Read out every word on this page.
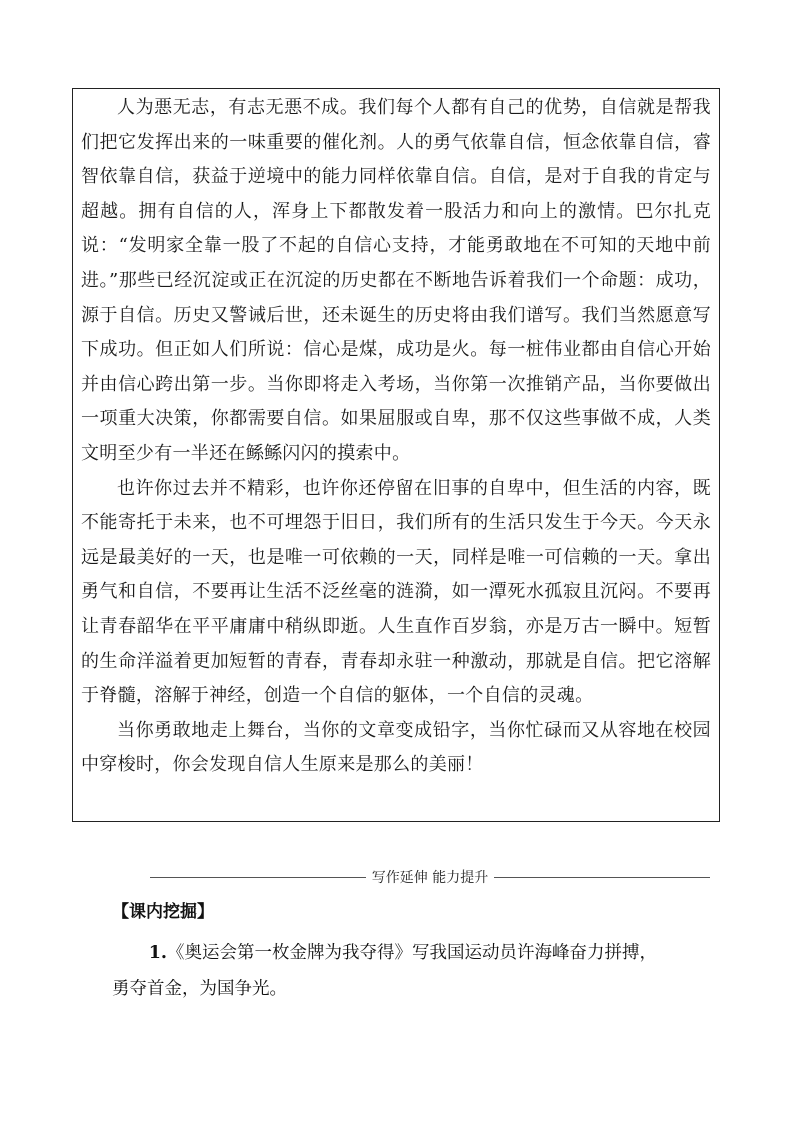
人为悪无志，有志无悪不成。我们每个人都有自己的优势，自信就是帮我们把它发挥出来的一味重要的催化剂。人的勇气依靠自信，恒念依靠自信，睿智依靠自信，获益于逆境中的能力同样依靠自信。自信，是对于自我的肯定与超越。拥有自信的人，浑身上下都散发着一股活力和向上的激情。巴尔扎克说：“发明家全靠一股了不起的自信心支持，才能勇敢地在不可知的天地中前进。”那些已经沉淀或正在沉淀的历史都在不断地告诉着我们一个命题：成功，源于自信。历史又警诫后世，还未诞生的历史将由我们谱写。我们当然愿意写下成功。但正如人们所说：信心是煤，成功是火。每一桩伟业都由自信心开始并由信心跨出第一步。当你即将走入考场，当你第一次推销产品，当你要做出一项重大决策，你都需要自信。如果屈服或自卑，那不仅这些事做不成，人类文明至少有一半还在鲧鲧闪闪的摸索中。

也许你过去并不精彩，也许你还停留在旧事的自卑中，但生活的内容，既不能寄托于未来，也不可埋怨于旧日，我们所有的生活只发生于今天。今天永远是最美好的一天，也是唯一可依赖的一天，同样是唯一可信赖的一天。拿出勇气和自信，不要再让生活不泛丝毫的涟漪，如一潭死水孤寂且沉闷。不要再让青春韶华在平平庸庸中稍纵即逝。人生直作百岁翁，亦是万古一瞬中。短暂的生命洋溢着更加短暂的青春，青春却永驻一种激动，那就是自信。把它溶解于脊髓，溶解于神经，创造一个自信的躯体，一个自信的灵魂。

当你勇敢地走上舞台，当你的文章变成铅字，当你忙碌而又从容地在校园中穿梭时，你会发现自信人生原来是那么的美丽！

写作延伸 能力提升
【课内挖掘】

1.《奥运会第一枚金牌为我夺得》写我国运动员许海峰奋力拼搏，勇夺首金，为国争光。
